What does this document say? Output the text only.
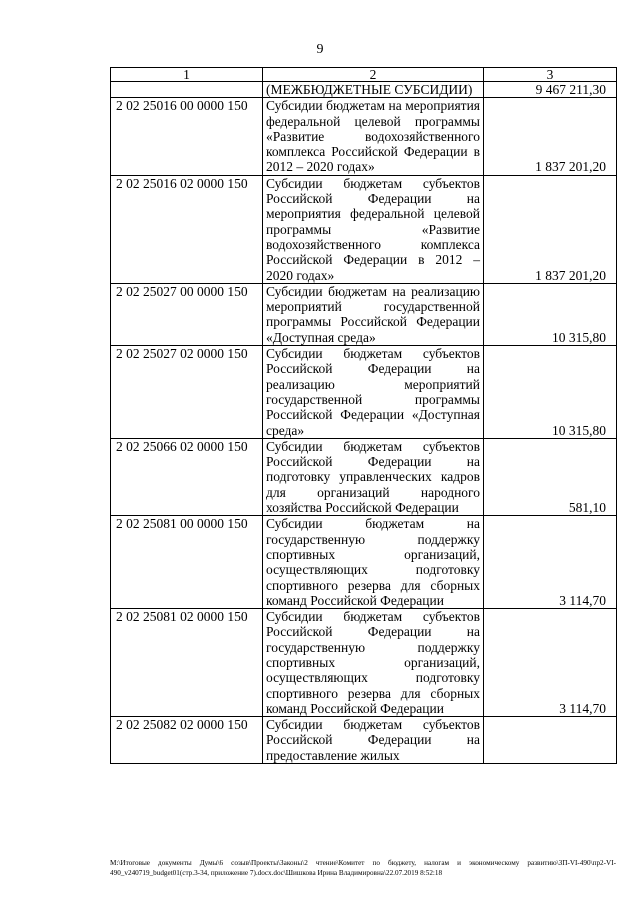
9
1	2	3
	(МЕЖБЮДЖЕТНЫЕ СУБСИДИИ)	9 467 211,30
2 02 25016 00 0000 150	Субсидии бюджетам на мероприятия федеральной целевой программы «Развитие водохозяйственного комплекса Российской Федерации в 2012 – 2020 годах»	1 837 201,20
2 02 25016 02 0000 150	Субсидии бюджетам субъектов Российской Федерации на мероприятия федеральной целевой программы «Развитие водохозяйственного комплекса Российской Федерации в 2012 – 2020 годах»	1 837 201,20
2 02 25027 00 0000 150	Субсидии бюджетам на реализацию мероприятий государственной программы Российской Федерации «Доступная среда»	10 315,80
2 02 25027 02 0000 150	Субсидии бюджетам субъектов Российской Федерации на реализацию мероприятий государственной программы Российской Федерации «Доступная среда»	10 315,80
2 02 25066 02 0000 150	Субсидии бюджетам субъектов Российской Федерации на подготовку управленческих кадров для организаций народного хозяйства Российской Федерации	581,10
2 02 25081 00 0000 150	Субсидии бюджетам на государственную поддержку спортивных организаций, осуществляющих подготовку спортивного резерва для сборных команд Российской Федерации	3 114,70
2 02 25081 02 0000 150	Субсидии бюджетам субъектов Российской Федерации на государственную поддержку спортивных организаций, осуществляющих подготовку спортивного резерва для сборных команд Российской Федерации	3 114,70
2 02 25082 02 0000 150	Субсидии бюджетам субъектов Российской Федерации на предоставление жилых	
M:\Итоговые документы Думы\6 созыв\Проекты\Законы\2 чтение\Комитет по бюджету, налогам и экономическому развитию\ЗП-VI-490\пр2-VI-490_v240719_budget01(стр.3-34, приложение 7).docx.doc\Шишкова Ирина Владимировна\22.07.2019 8:52:18
